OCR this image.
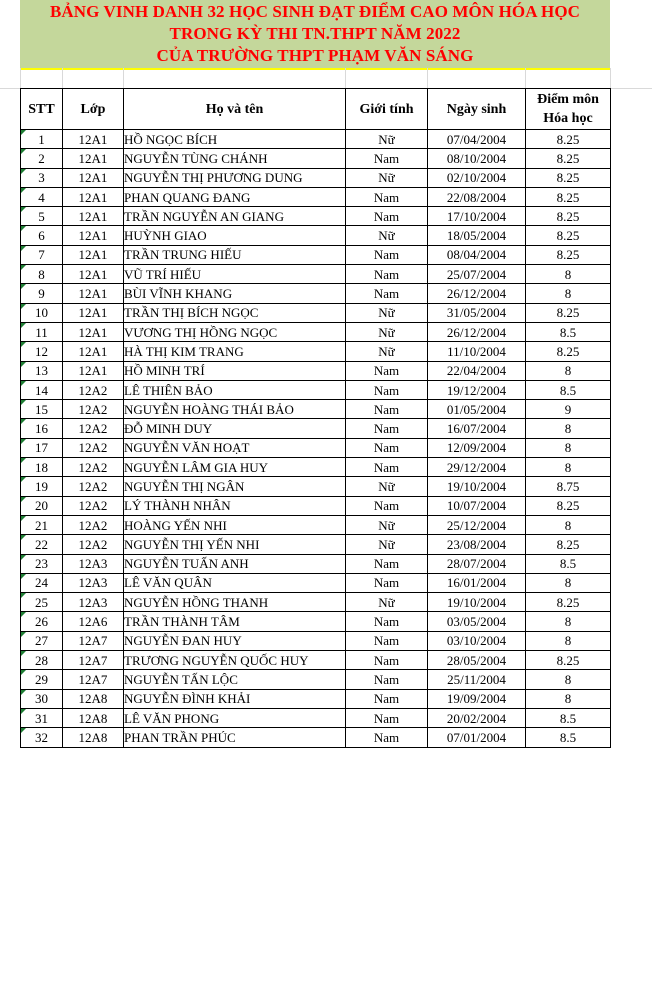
BẢNG VINH DANH 32 HỌC SINH ĐẠT ĐIỂM CAO MÔN HÓA HỌC
TRONG KỲ THI TN.THPT NĂM 2022
CỦA TRƯỜNG THPT PHẠM VĂN SÁNG
STT	Lớp	Họ và tên	Giới tính	Ngày sinh	Điểm môn
Hóa học

1	12A1	HỒ NGỌC BÍCH	Nữ	07/04/2004	8.25

2	12A1	NGUYỄN TÙNG CHÁNH	Nam	08/10/2004	8.25

3	12A1	NGUYỄN THỊ PHƯƠNG DUNG	Nữ	02/10/2004	8.25

4	12A1	PHAN QUANG ĐANG	Nam	22/08/2004	8.25

5	12A1	TRẦN NGUYỄN AN GIANG	Nam	17/10/2004	8.25

6	12A1	HUỲNH GIAO	Nữ	18/05/2004	8.25

7	12A1	TRẦN TRUNG HIẾU	Nam	08/04/2004	8.25

8	12A1	VŨ TRÍ HIẾU	Nam	25/07/2004	8

9	12A1	BÙI VĨNH KHANG	Nam	26/12/2004	8

10	12A1	TRẦN THỊ BÍCH NGỌC	Nữ	31/05/2004	8.25

11	12A1	VƯƠNG THỊ HỒNG NGỌC	Nữ	26/12/2004	8.5

12	12A1	HÀ THỊ KIM TRANG	Nữ	11/10/2004	8.25

13	12A1	HỒ MINH TRÍ	Nam	22/04/2004	8

14	12A2	LÊ THIÊN BẢO	Nam	19/12/2004	8.5

15	12A2	NGUYỄN HOÀNG THÁI BẢO	Nam	01/05/2004	9

16	12A2	ĐỖ MINH DUY	Nam	16/07/2004	8

17	12A2	NGUYỄN VĂN HOẠT	Nam	12/09/2004	8

18	12A2	NGUYỄN LÂM GIA HUY	Nam	29/12/2004	8

19	12A2	NGUYỄN THỊ NGÂN	Nữ	19/10/2004	8.75

20	12A2	LÝ THÀNH NHÂN	Nam	10/07/2004	8.25

21	12A2	HOÀNG YẾN NHI	Nữ	25/12/2004	8

22	12A2	NGUYỄN THỊ YẾN NHI	Nữ	23/08/2004	8.25

23	12A3	NGUYỄN TUẤN ANH	Nam	28/07/2004	8.5

24	12A3	LÊ VĂN QUÂN	Nam	16/01/2004	8

25	12A3	NGUYỄN HỒNG THANH	Nữ	19/10/2004	8.25

26	12A6	TRẦN THÀNH TÂM	Nam	03/05/2004	8

27	12A7	NGUYỄN ĐAN HUY	Nam	03/10/2004	8

28	12A7	TRƯƠNG NGUYỄN QUỐC HUY	Nam	28/05/2004	8.25

29	12A7	NGUYỄN TẤN LỘC	Nam	25/11/2004	8

30	12A8	NGUYỄN ĐÌNH KHẢI	Nam	19/09/2004	8

31	12A8	LÊ VĂN PHONG	Nam	20/02/2004	8.5

32	12A8	PHAN TRẦN PHÚC	Nam	07/01/2004	8.5
